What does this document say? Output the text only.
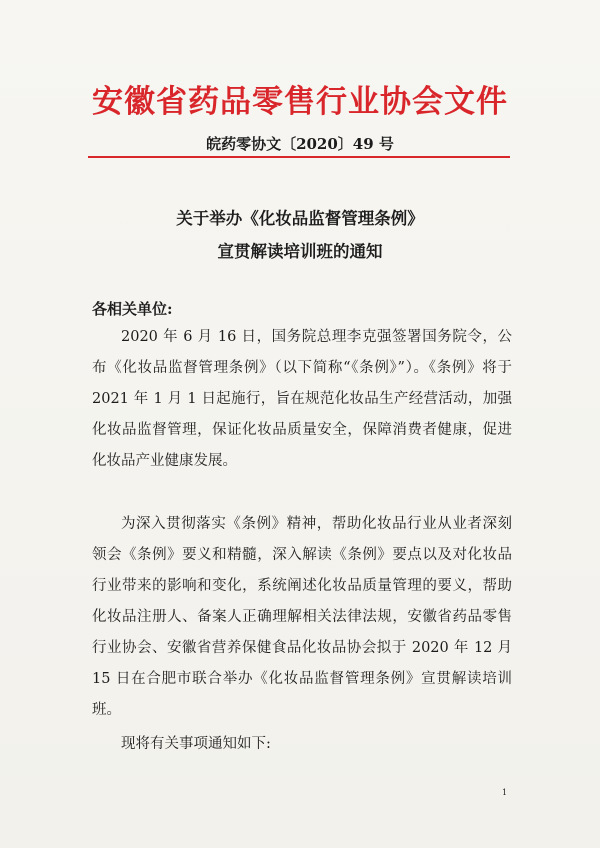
安徽省药品零售行业协会文件
皖药零协文〔2020〕49 号
关于举办《化妆品监督管理条例》
宣贯解读培训班的通知
各相关单位:

2020 年 6 月 16 日，国务院总理李克强签署国务院令，公布《化妆品监督管理条例》（以下简称“《条例》”）。《条例》将于 2021 年 1 月 1 日起施行，旨在规范化妆品生产经营活动，加强化妆品监督管理，保证化妆品质量安全，保障消费者健康，促进化妆品产业健康发展。

为深入贯彻落实《条例》精神，帮助化妆品行业从业者深刻领会《条例》要义和精髓，深入解读《条例》要点以及对化妆品行业带来的影响和变化，系统阐述化妆品质量管理的要义，帮助化妆品注册人、备案人正确理解相关法律法规，安徽省药品零售行业协会、安徽省营养保健食品化妆品协会拟于 2020 年 12 月 15 日在合肥市联合举办《化妆品监督管理条例》宣贯解读培训班。

现将有关事项通知如下:

1
